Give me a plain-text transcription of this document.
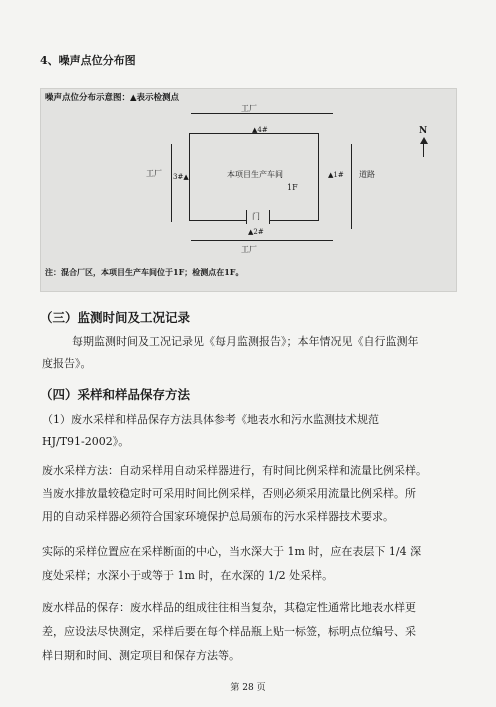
4、噪声点位分布图
噪声点位分布示意图：▲表示检测点
工厂
▲4#
工厂	道路
N
本项目生产车间
1F
3#▲	▲1#
门
▲2#
工厂
注：混合厂区，本项目生产车间位于1F；检测点在1F。
（三）监测时间及工况记录
每期监测时间及工况记录见《每月监测报告》；本年情况见《自行监测年
度报告》。
（四）采样和样品保存方法
（1）废水采样和样品保存方法具体参考《地表水和污水监测技术规范
HJ/T91-2002》。
废水采样方法：自动采样用自动采样器进行，有时间比例采样和流量比例采样。
当废水排放量较稳定时可采用时间比例采样，否则必须采用流量比例采样。所
用的自动采样器必须符合国家环境保护总局颁布的污水采样器技术要求。
实际的采样位置应在采样断面的中心，当水深大于 1m 时，应在表层下 1/4 深
度处采样；水深小于或等于 1m 时，在水深的 1/2 处采样。
废水样品的保存：废水样品的组成往往相当复杂，其稳定性通常比地表水样更
差，应设法尽快测定，采样后要在每个样品瓶上贴一标签，标明点位编号、采
样日期和时间、测定项目和保存方法等。
第 28 页
